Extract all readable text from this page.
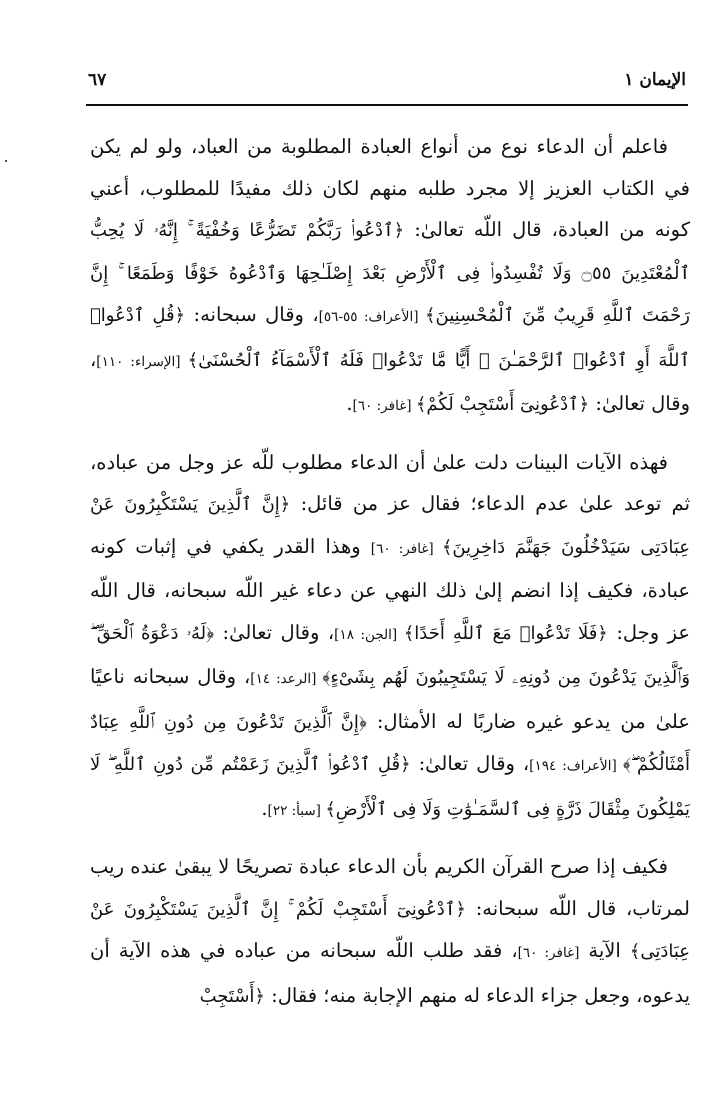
الإيمان ١
٦٧

فاعلم أن الدعاء نوع من أنواع العبادة المطلوبة من العباد، ولو لم يكن في الكتاب العزيز إلا مجرد طلبه منهم لكان ذلك مفيدًا للمطلوب، أعني كونه من العبادة، قال اللّه تعالىٰ: ﴿ٱدْعُوا۟ رَبَّكُمْ تَضَرُّعًا وَخُفْيَةً ۚ إِنَّهُۥ لَا يُحِبُّ ٱلْمُعْتَدِينَ ۝٥٥ وَلَا تُفْسِدُوا۟ فِى ٱلْأَرْضِ بَعْدَ إِصْلَـٰحِهَا وَٱدْعُوهُ خَوْفًا وَطَمَعًا ۚ إِنَّ رَحْمَتَ ٱللَّهِ قَرِيبٌ مِّنَ ٱلْمُحْسِنِينَ﴾ [الأعراف: ٥٥-٥٦]، وقال سبحانه: ﴿قُلِ ٱدْعُوا۟ ٱللَّهَ أَوِ ٱدْعُوا۟ ٱلرَّحْمَـٰنَ ۖ أَيًّا مَّا تَدْعُوا۟ فَلَهُ ٱلْأَسْمَآءُ ٱلْحُسْنَىٰ﴾ [الإسراء: ١١٠]، وقال تعالىٰ: ﴿ٱدْعُونِىٓ أَسْتَجِبْ لَكُمْ﴾ [غافر: ٦٠].

فهذه الآيات البينات دلت علىٰ أن الدعاء مطلوب للّه عز وجل من عباده، ثم توعد علىٰ عدم الدعاء؛ فقال عز من قائل: ﴿إِنَّ ٱلَّذِينَ يَسْتَكْبِرُونَ عَنْ عِبَادَتِى سَيَدْخُلُونَ جَهَنَّمَ دَاخِرِينَ﴾ [غافر: ٦٠] وهذا القدر يكفي في إثبات كونه عبادة، فكيف إذا انضم إلىٰ ذلك النهي عن دعاء غير اللّه سبحانه، قال اللّه عز وجل: ﴿فَلَا تَدْعُوا۟ مَعَ ٱللَّهِ أَحَدًا﴾ [الجن: ١٨]، وقال تعالىٰ: ﴿لَهُۥ دَعْوَةُ ٱلْحَقِّ ۖ وَٱلَّذِينَ يَدْعُونَ مِن دُونِهِۦ لَا يَسْتَجِيبُونَ لَهُم بِشَىْءٍ﴾ [الرعد: ١٤]، وقال سبحانه ناعيًا علىٰ من يدعو غيره ضاربًا له الأمثال: ﴿إِنَّ ٱلَّذِينَ تَدْعُونَ مِن دُونِ ٱللَّهِ عِبَادٌ أَمْثَالُكُمْ ۖ﴾ [الأعراف: ١٩٤]، وقال تعالىٰ: ﴿قُلِ ٱدْعُوا۟ ٱلَّذِينَ زَعَمْتُم مِّن دُونِ ٱللَّهِ ۖ لَا يَمْلِكُونَ مِثْقَالَ ذَرَّةٍ فِى ٱلسَّمَـٰوَٰتِ وَلَا فِى ٱلْأَرْضِ﴾ [سبأ: ٢٢].

فكيف إذا صرح القرآن الكريم بأن الدعاء عبادة تصريحًا لا يبقىٰ عنده ريب لمرتاب، قال اللّه سبحانه: ﴿ٱدْعُونِىٓ أَسْتَجِبْ لَكُمْ ۚ إِنَّ ٱلَّذِينَ يَسْتَكْبِرُونَ عَنْ عِبَادَتِى﴾ الآية [غافر: ٦٠]، فقد طلب اللّه سبحانه من عباده في هذه الآية أن يدعوه، وجعل جزاء الدعاء له منهم الإجابة منه؛ فقال: ﴿أَسْتَجِبْ
